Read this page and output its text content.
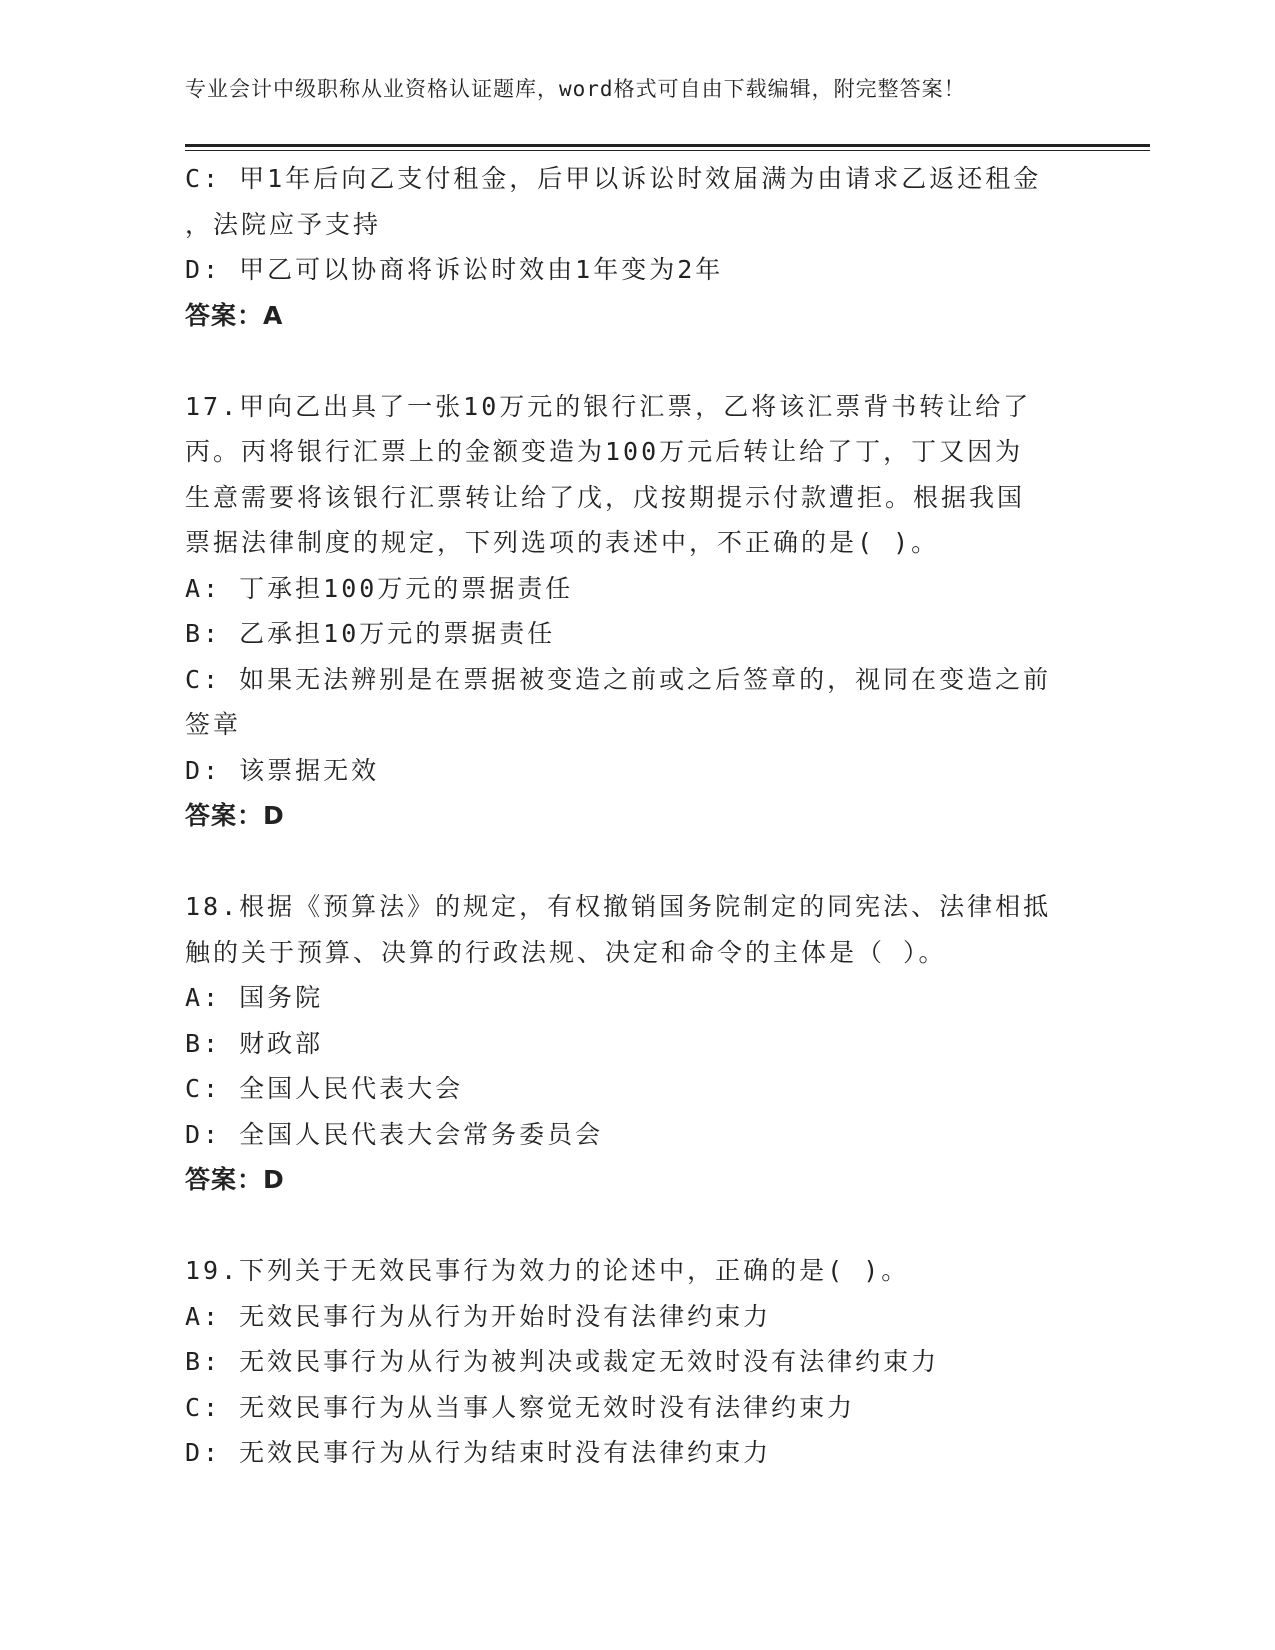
专业会计中级职称从业资格认证题库，word格式可自由下载编辑，附完整答案！
C: 甲1年后向乙支付租金，后甲以诉讼时效届满为由请求乙返还租金
，法院应予支持
D: 甲乙可以协商将诉讼时效由1年变为2年
答案：A
17.甲向乙出具了一张10万元的银行汇票，乙将该汇票背书转让给了
丙。丙将银行汇票上的金额变造为100万元后转让给了丁，丁又因为
生意需要将该银行汇票转让给了戊，戊按期提示付款遭拒。根据我国
票据法律制度的规定，下列选项的表述中，不正确的是( )。
A: 丁承担100万元的票据责任
B: 乙承担10万元的票据责任
C: 如果无法辨别是在票据被变造之前或之后签章的，视同在变造之前
签章
D: 该票据无效
答案：D
18.根据《预算法》的规定，有权撤销国务院制定的同宪法、法律相抵
触的关于预算、决算的行政法规、决定和命令的主体是（ ）。
A: 国务院
B: 财政部
C: 全国人民代表大会
D: 全国人民代表大会常务委员会
答案：D
19.下列关于无效民事行为效力的论述中，正确的是( )。
A: 无效民事行为从行为开始时没有法律约束力
B: 无效民事行为从行为被判决或裁定无效时没有法律约束力
C: 无效民事行为从当事人察觉无效时没有法律约束力
D: 无效民事行为从行为结束时没有法律约束力
